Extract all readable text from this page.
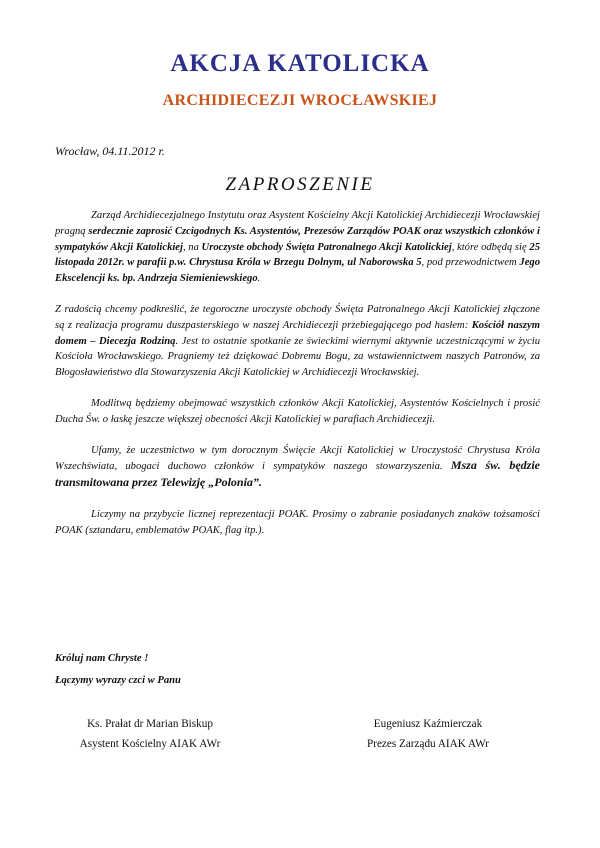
AKCJA KATOLICKA
ARCHIDIECEZJI WROCŁAWSKIEJ
Wrocław, 04.11.2012 r.
ZAPROSZENIE

Zarząd Archidiecezjalnego Instytutu oraz Asystent Kościelny Akcji Katolickiej Archidiecezji Wrocławskiej pragną serdecznie zaprosić Czcigodnych Ks. Asystentów, Prezesów Zarządów POAK oraz wszystkich członków i sympatyków Akcji Katolickiej, na Uroczyste obchody Święta Patronalnego Akcji Katolickiej, które odbędą się 25 listopada 2012r. w parafii p.w. Chrystusa Króla w Brzegu Dolnym, ul Naborowska 5, pod przewodnictwem Jego Ekscelencji ks. bp. Andrzeja Siemieniewskiego.

Z radością chcemy podkreślić, że tegoroczne uroczyste obchody Święta Patronalnego Akcji Katolickiej złączone są z realizacja programu duszpasterskiego w naszej Archidiecezji przebiegającego pod hasłem: Kościół naszym domem – Diecezja Rodziną. Jest to ostatnie spotkanie ze świeckimi wiernymi aktywnie uczestniczącymi w życiu Kościoła Wrocławskiego. Pragniemy też dziękować Dobremu Bogu, za wstawiennictwem naszych Patronów, za Błogosławieństwo dla Stowarzyszenia Akcji Katolickiej w Archidiecezji Wrocławskiej.

Modlitwą będziemy obejmować wszystkich członków Akcji Katolickiej, Asystentów Kościelnych i prosić Ducha Św. o łaskę jeszcze większej obecności Akcji Katolickiej w parafiach Archidiecezji.

Ufamy, że uczestnictwo w tym dorocznym Święcie Akcji Katolickiej w Uroczystość Chrystusa Króla Wszechświata, ubogaci duchowo członków i sympatyków naszego stowarzyszenia. Msza św. będzie transmitowana przez Telewizję „Polonia”.

Liczymy na przybycie licznej reprezentacji POAK. Prosimy o zabranie posiadanych znaków tożsamości POAK (sztandaru, emblematów POAK, flag itp.).

Króluj nam Chryste !
Łączymy wyrazy czci w Panu
Ks. Prałat dr Marian Biskup
Asystent Kościelny AIAK AWr
Eugeniusz Kaźmierczak
Prezes Zarządu AIAK AWr
